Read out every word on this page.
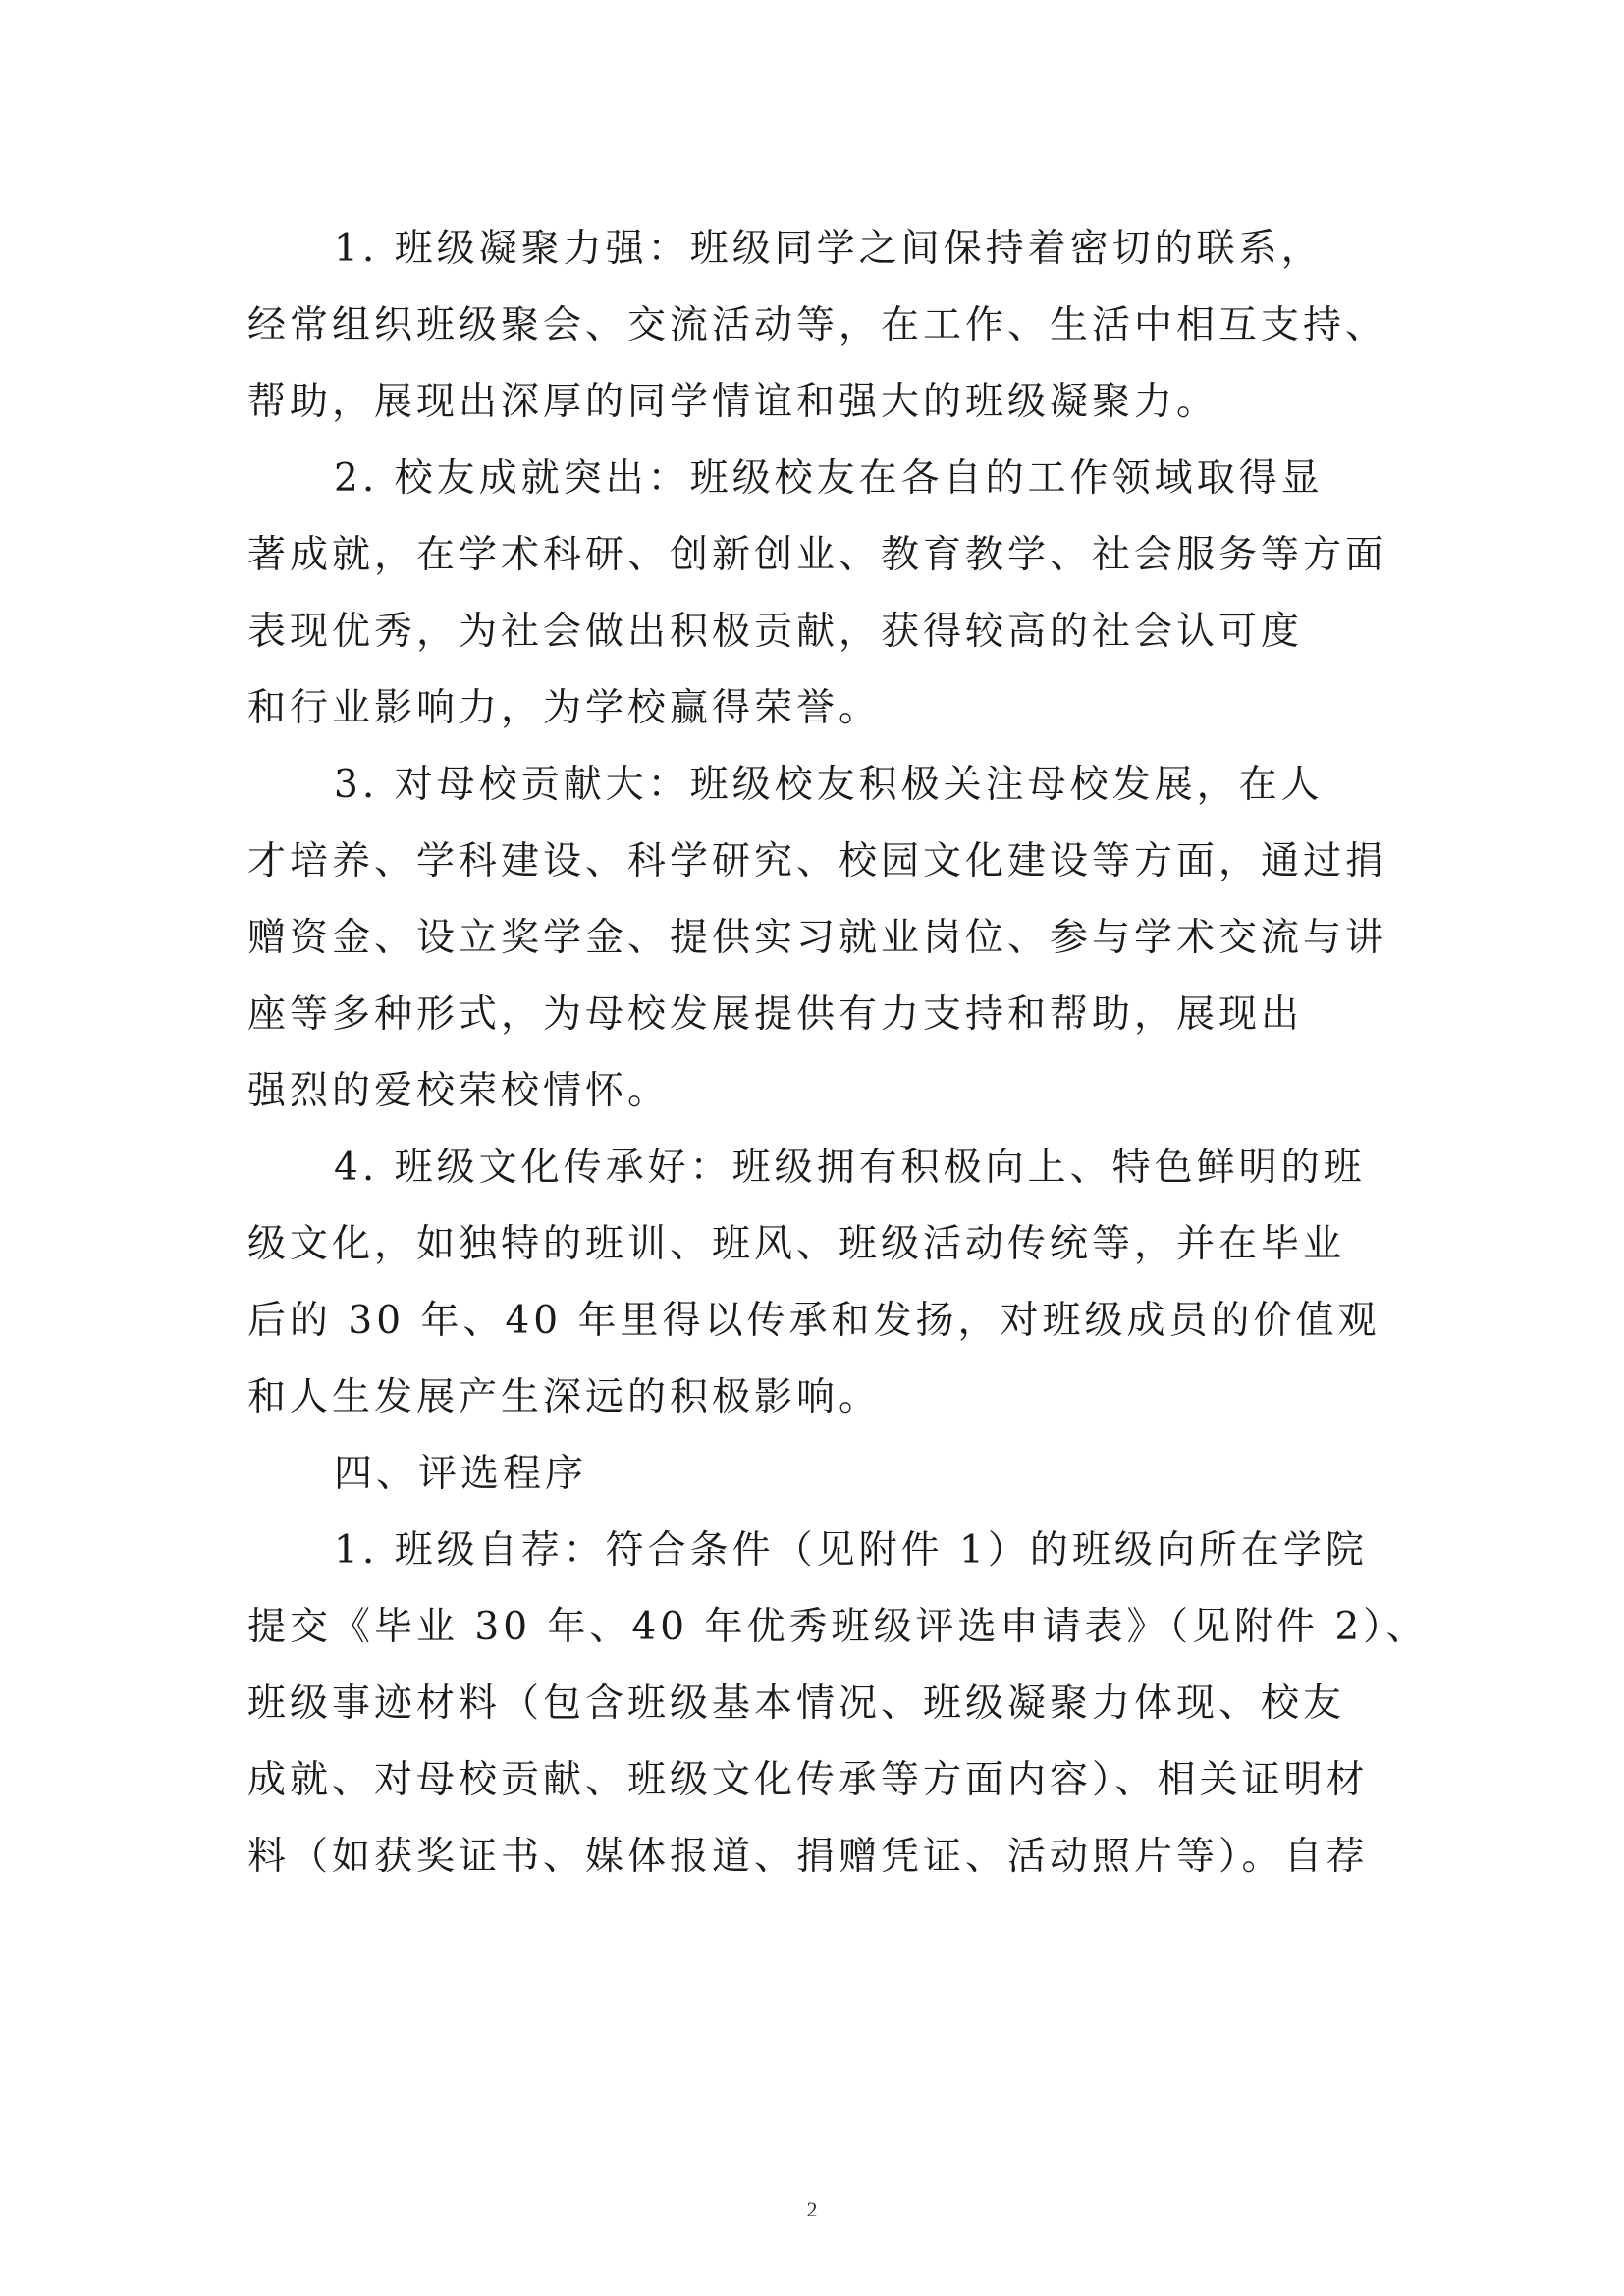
1. 班级凝聚力强：班级同学之间保持着密切的联系，
经常组织班级聚会、交流活动等，在工作、生活中相互支持、
帮助，展现出深厚的同学情谊和强大的班级凝聚力。
2. 校友成就突出：班级校友在各自的工作领域取得显
著成就，在学术科研、创新创业、教育教学、社会服务等方面
表现优秀，为社会做出积极贡献，获得较高的社会认可度
和行业影响力，为学校赢得荣誉。
3. 对母校贡献大：班级校友积极关注母校发展，在人
才培养、学科建设、科学研究、校园文化建设等方面，通过捐
赠资金、设立奖学金、提供实习就业岗位、参与学术交流与讲
座等多种形式，为母校发展提供有力支持和帮助，展现出
强烈的爱校荣校情怀。
4. 班级文化传承好：班级拥有积极向上、特色鲜明的班
级文化，如独特的班训、班风、班级活动传统等，并在毕业
后的 30 年、40 年里得以传承和发扬，对班级成员的价值观
和人生发展产生深远的积极影响。
四、评选程序
1. 班级自荐：符合条件（见附件 1）的班级向所在学院
提交《毕业 30 年、40 年优秀班级评选申请表》（见附件 2）、
班级事迹材料（包含班级基本情况、班级凝聚力体现、校友
成就、对母校贡献、班级文化传承等方面内容）、相关证明材
料（如获奖证书、媒体报道、捐赠凭证、活动照片等）。自荐
2
